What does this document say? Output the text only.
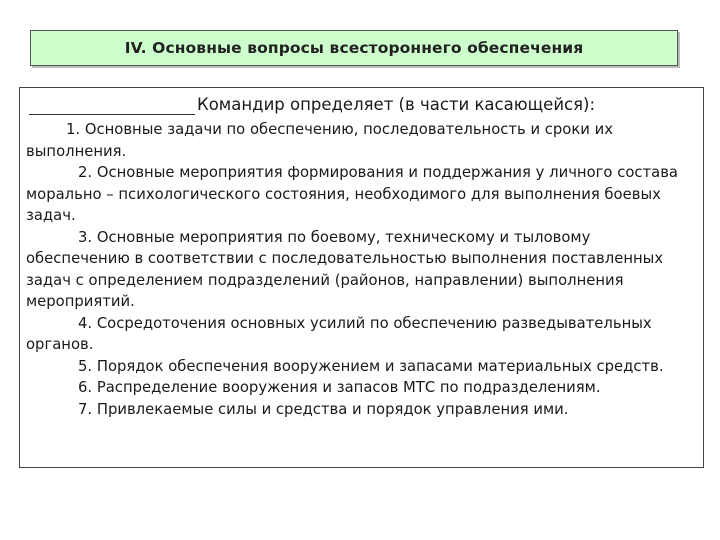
IV. Основные вопросы всестороннего обеспечения
Командир определяет (в части касающейся):

1. Основные задачи по обеспечению, последовательность и сроки их выполнения.

2. Основные мероприятия формирования и поддержания у личного состава морально – психологического состояния, необходимого для выполнения боевых задач.

3. Основные мероприятия по боевому, техническому и тыловому обеспечению в соответствии с последовательностью выполнения поставленных задач с определением подразделений (районов, направлении) выполнения мероприятий.

4. Сосредоточения основных усилий по обеспечению разведывательных органов.

5. Порядок обеспечения вооружением и запасами материальных средств.

6. Распределение вооружения и запасов МТС по подразделениям.

7. Привлекаемые силы и средства и порядок управления ими.
